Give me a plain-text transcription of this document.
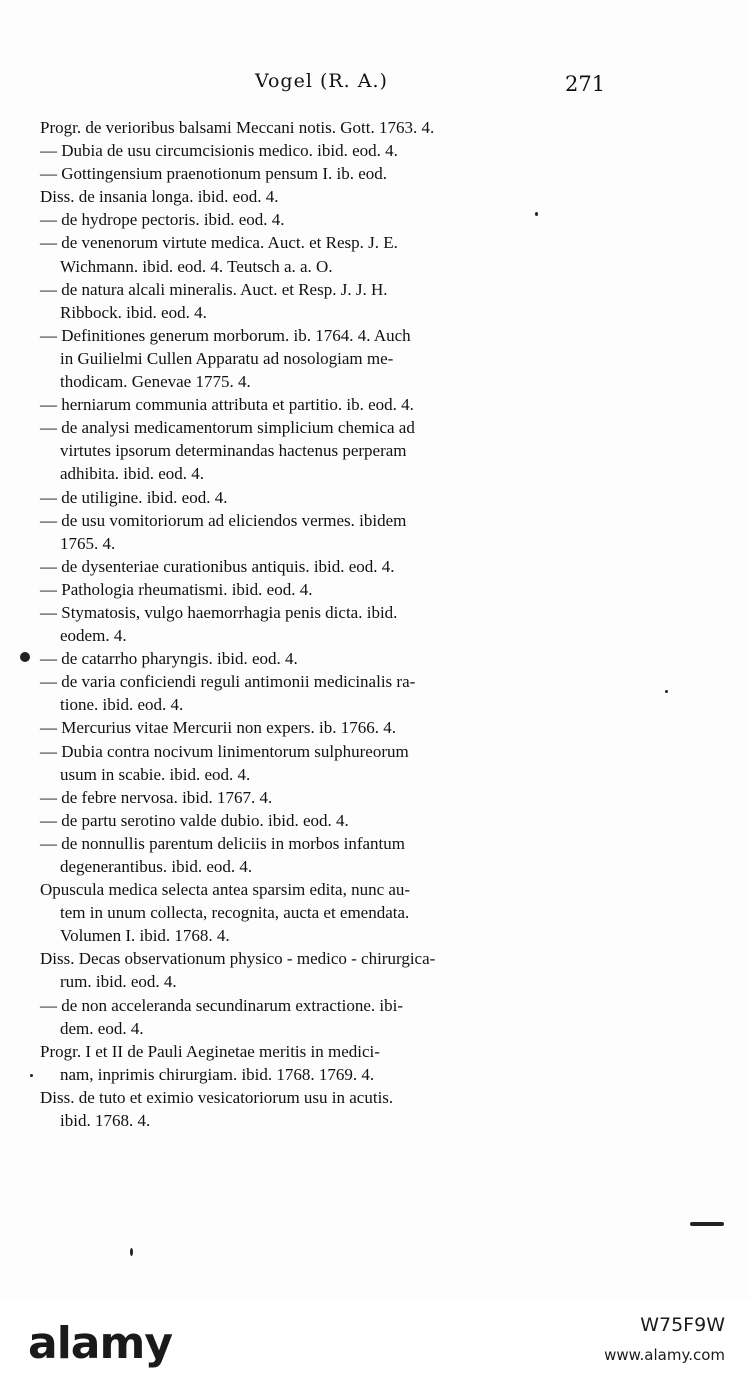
Vogel (R. A.)	271
Progr. de verioribus balsami Meccani notis. Gott. 1763. 4.
— Dubia de usu circumcisionis medico. ibid. eod. 4.
— Gottingensium praenotionum pensum I. ib. eod.
Diss. de insania longa. ibid. eod. 4.
— de hydrope pectoris. ibid. eod. 4.
— de venenorum virtute medica. Auct. et Resp. J. E.
Wichmann. ibid. eod. 4. Teutsch a. a. O.
— de natura alcali mineralis. Auct. et Resp. J. J. H.
Ribbock. ibid. eod. 4.
— Definitiones generum morborum. ib. 1764. 4. Auch
in Guilielmi Cullen Apparatu ad nosologiam me-
thodicam. Genevae 1775. 4.
— herniarum communia attributa et partitio. ib. eod. 4.
— de analysi medicamentorum simplicium chemica ad
virtutes ipsorum determinandas hactenus perperam
adhibita. ibid. eod. 4.
— de utiligine. ibid. eod. 4.
— de usu vomitoriorum ad eliciendos vermes. ibidem
1765. 4.
— de dysenteriae curationibus antiquis. ibid. eod. 4.
— Pathologia rheumatismi. ibid. eod. 4.
— Stymatosis, vulgo haemorrhagia penis dicta. ibid.
eodem. 4.
— de catarrho pharyngis. ibid. eod. 4.
— de varia conficiendi reguli antimonii medicinalis ra-
tione. ibid. eod. 4.
— Mercurius vitae Mercurii non expers. ib. 1766. 4.
— Dubia contra nocivum linimentorum sulphureorum
usum in scabie. ibid. eod. 4.
— de febre nervosa. ibid. 1767. 4.
— de partu serotino valde dubio. ibid. eod. 4.
— de nonnullis parentum deliciis in morbos infantum
degenerantibus. ibid. eod. 4.
Opuscula medica selecta antea sparsim edita, nunc au-
tem in unum collecta, recognita, aucta et emendata.
Volumen I. ibid. 1768. 4.
Diss. Decas observationum physico - medico - chirurgica-
rum. ibid. eod. 4.
— de non acceleranda secundinarum extractione. ibi-
dem. eod. 4.
Progr. I et II de Pauli Aeginetae meritis in medici-
nam, inprimis chirurgiam. ibid. 1768. 1769. 4.
Diss. de tuto et eximio vesicatoriorum usu in acutis.
ibid. 1768. 4.
alamy	W75F9W
www.alamy.com
